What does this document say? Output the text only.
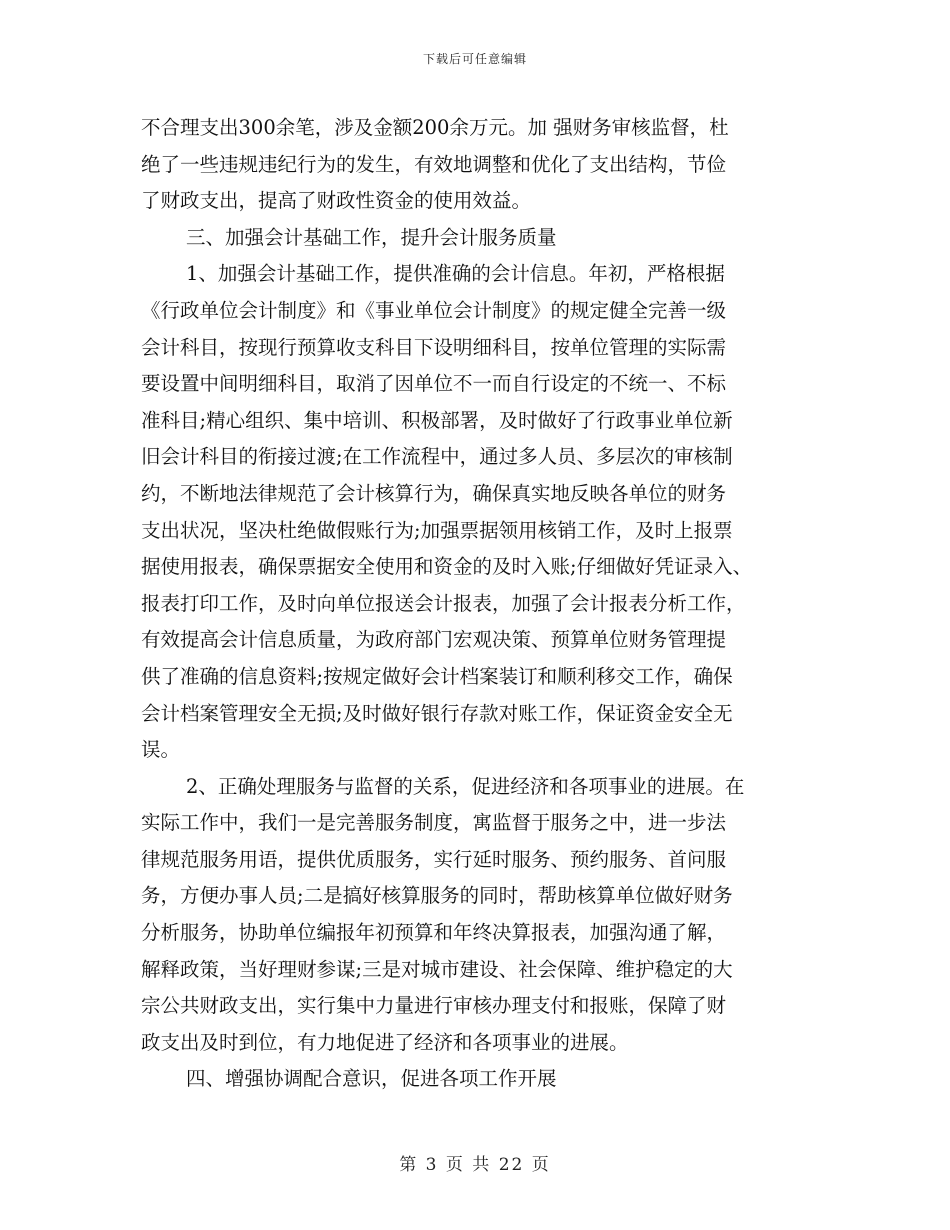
下载后可任意编辑
不合理支出300余笔，涉及金额200余万元。加 强财务审核监督，杜
绝了一些违规违纪行为的发生，有效地调整和优化了支出结构，节俭
了财政支出，提高了财政性资金的使用效益。
三、加强会计基础工作，提升会计服务质量
1、加强会计基础工作，提供准确的会计信息。年初，严格根据
《行政单位会计制度》和《事业单位会计制度》的规定健全完善一级
会计科目，按现行预算收支科目下设明细科目，按单位管理的实际需
要设置中间明细科目，取消了因单位不一而自行设定的不统一、不标
准科目;精心组织、集中培训、积极部署，及时做好了行政事业单位新
旧会计科目的衔接过渡;在工作流程中，通过多人员、多层次的审核制
约，不断地法律规范了会计核算行为，确保真实地反映各单位的财务
支出状况，坚决杜绝做假账行为;加强票据领用核销工作，及时上报票
据使用报表，确保票据安全使用和资金的及时入账;仔细做好凭证录入、
报表打印工作，及时向单位报送会计报表，加强了会计报表分析工作，
有效提高会计信息质量，为政府部门宏观决策、预算单位财务管理提
供了准确的信息资料;按规定做好会计档案装订和顺利移交工作，确保
会计档案管理安全无损;及时做好银行存款对账工作，保证资金安全无
误。
2、正确处理服务与监督的关系，促进经济和各项事业的进展。在
实际工作中，我们一是完善服务制度，寓监督于服务之中，进一步法
律规范服务用语，提供优质服务，实行延时服务、预约服务、首问服
务，方便办事人员;二是搞好核算服务的同时，帮助核算单位做好财务
分析服务，协助单位编报年初预算和年终决算报表，加强沟通了解，
解释政策，当好理财参谋;三是对城市建设、社会保障、维护稳定的大
宗公共财政支出，实行集中力量进行审核办理支付和报账，保障了财
政支出及时到位，有力地促进了经济和各项事业的进展。
四、增强协调配合意识，促进各项工作开展
第 3 页 共 22 页
